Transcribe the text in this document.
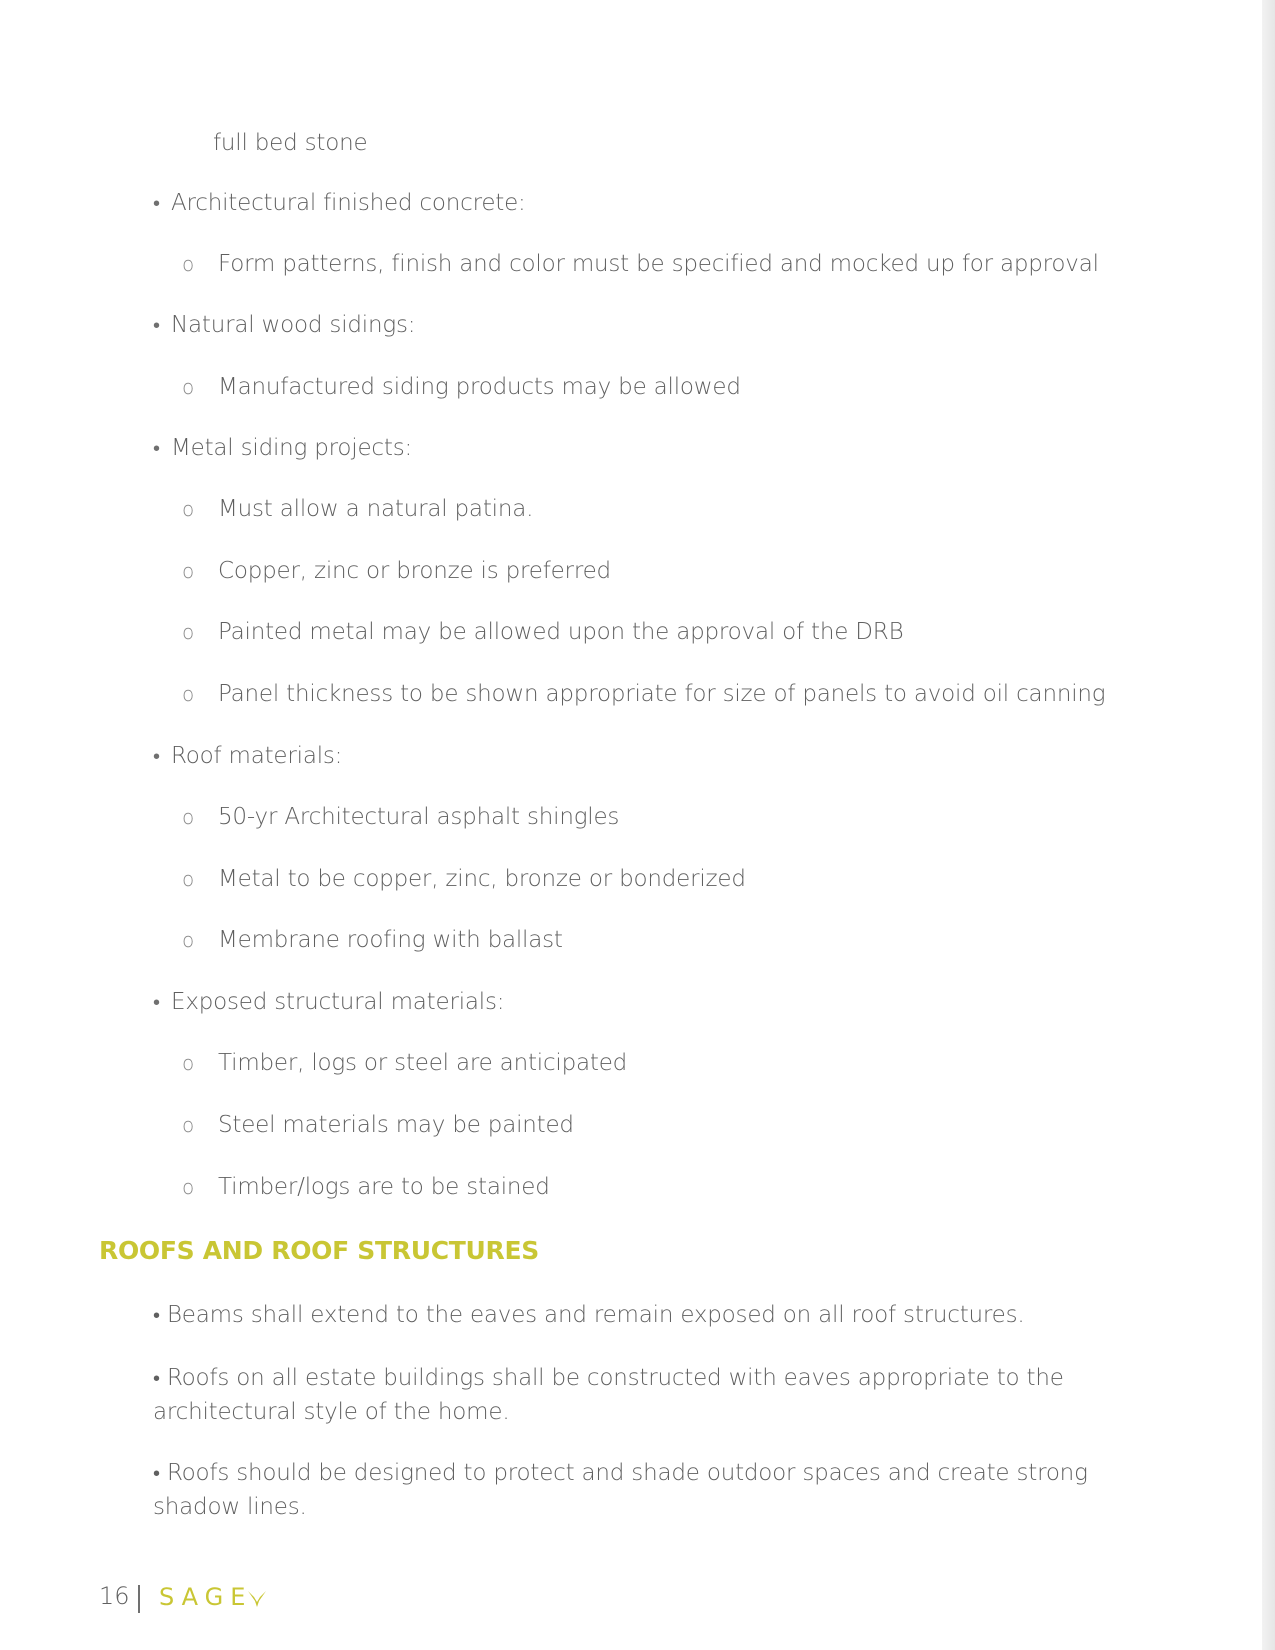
full bed stone
• Architectural finished concrete:
o Form patterns, finish and color must be specified and mocked up for approval
• Natural wood sidings:
o Manufactured siding products may be allowed
• Metal siding projects:
o Must allow a natural patina.
o Copper, zinc or bronze is preferred
o Painted metal may be allowed upon the approval of the DRB
o Panel thickness to be shown appropriate for size of panels to avoid oil canning
• Roof materials:
o 50-yr Architectural asphalt shingles
o Metal to be copper, zinc, bronze or bonderized
o Membrane roofing with ballast
• Exposed structural materials:
o Timber, logs or steel are anticipated
o Steel materials may be painted
o Timber/logs are to be stained
ROOFS AND ROOF STRUCTURES
• Beams shall extend to the eaves and remain exposed on all roof structures.
• Roofs on all estate buildings shall be constructed with eaves appropriate to the architectural style of the home.
• Roofs should be designed to protect and shade outdoor spaces and create strong shadow lines.
16 SAGE
